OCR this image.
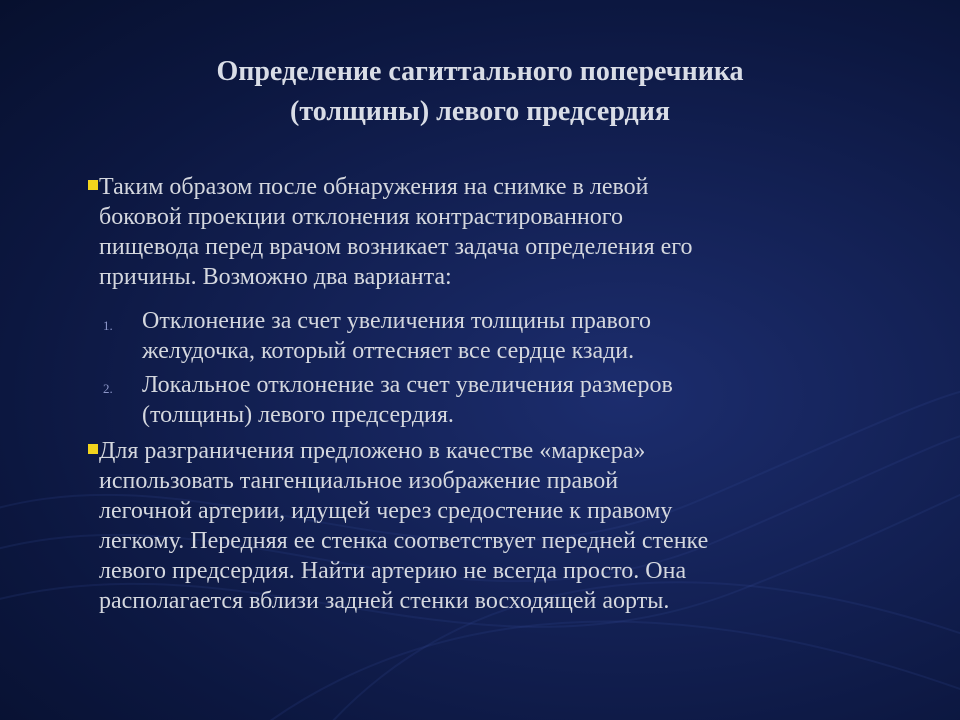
Определение сагиттального поперечника
(толщины) левого предсердия
Таким образом после обнаружения на снимке в левой
боковой проекции отклонения контрастированного
пищевода перед врачом возникает задача определения его
причины. Возможно два варианта:
1. Отклонение за счет увеличения толщины правого
желудочка, который оттесняет все сердце кзади.
2. Локальное отклонение за счет увеличения размеров
(толщины) левого предсердия.
Для разграничения предложено в качестве «маркера»
использовать тангенциальное изображение правой
легочной артерии, идущей через средостение к правому
легкому. Передняя ее стенка соответствует передней стенке
левого предсердия. Найти артерию не всегда просто. Она
располагается вблизи задней стенки восходящей аорты.
